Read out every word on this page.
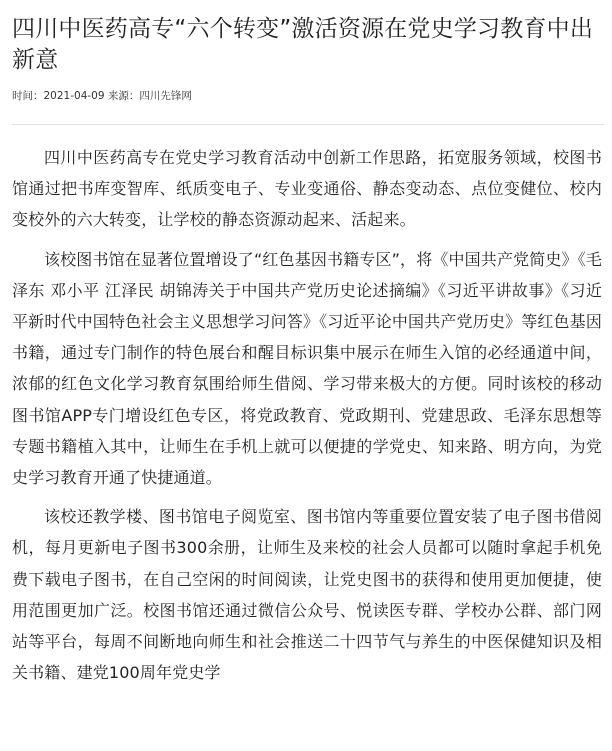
四川中医药高专“六个转变”激活资源在党史学习教育中出新意
时间：2021-04-09 来源：四川先锋网

四川中医药高专在党史学习教育活动中创新工作思路，拓宽服务领域，校图书馆通过把书库变智库、纸质变电子、专业变通俗、静态变动态、点位变健位、校内变校外的六大转变，让学校的静态资源动起来、活起来。

该校图书馆在显著位置增设了“红色基因书籍专区”，将《中国共产党简史》《毛泽东 邓小平 江泽民 胡锦涛关于中国共产党历史论述摘编》《习近平讲故事》《习近平新时代中国特色社会主义思想学习问答》《习近平论中国共产党历史》等红色基因书籍，通过专门制作的特色展台和醒目标识集中展示在师生入馆的必经通道中间，浓郁的红色文化学习教育氛围给师生借阅、学习带来极大的方便。同时该校的移动图书馆APP专门增设红色专区，将党政教育、党政期刊、党建思政、毛泽东思想等专题书籍植入其中，让师生在手机上就可以便捷的学党史、知来路、明方向，为党史学习教育开通了快捷通道。

该校还教学楼、图书馆电子阅览室、图书馆内等重要位置安装了电子图书借阅机，每月更新电子图书300余册，让师生及来校的社会人员都可以随时拿起手机免费下载电子图书，在自己空闲的时间阅读，让党史图书的获得和使用更加便捷，使用范围更加广泛。校图书馆还通过微信公众号、悦读医专群、学校办公群、部门网站等平台，每周不间断地向师生和社会推送二十四节气与养生的中医保健知识及相关书籍、建党100周年党史学
